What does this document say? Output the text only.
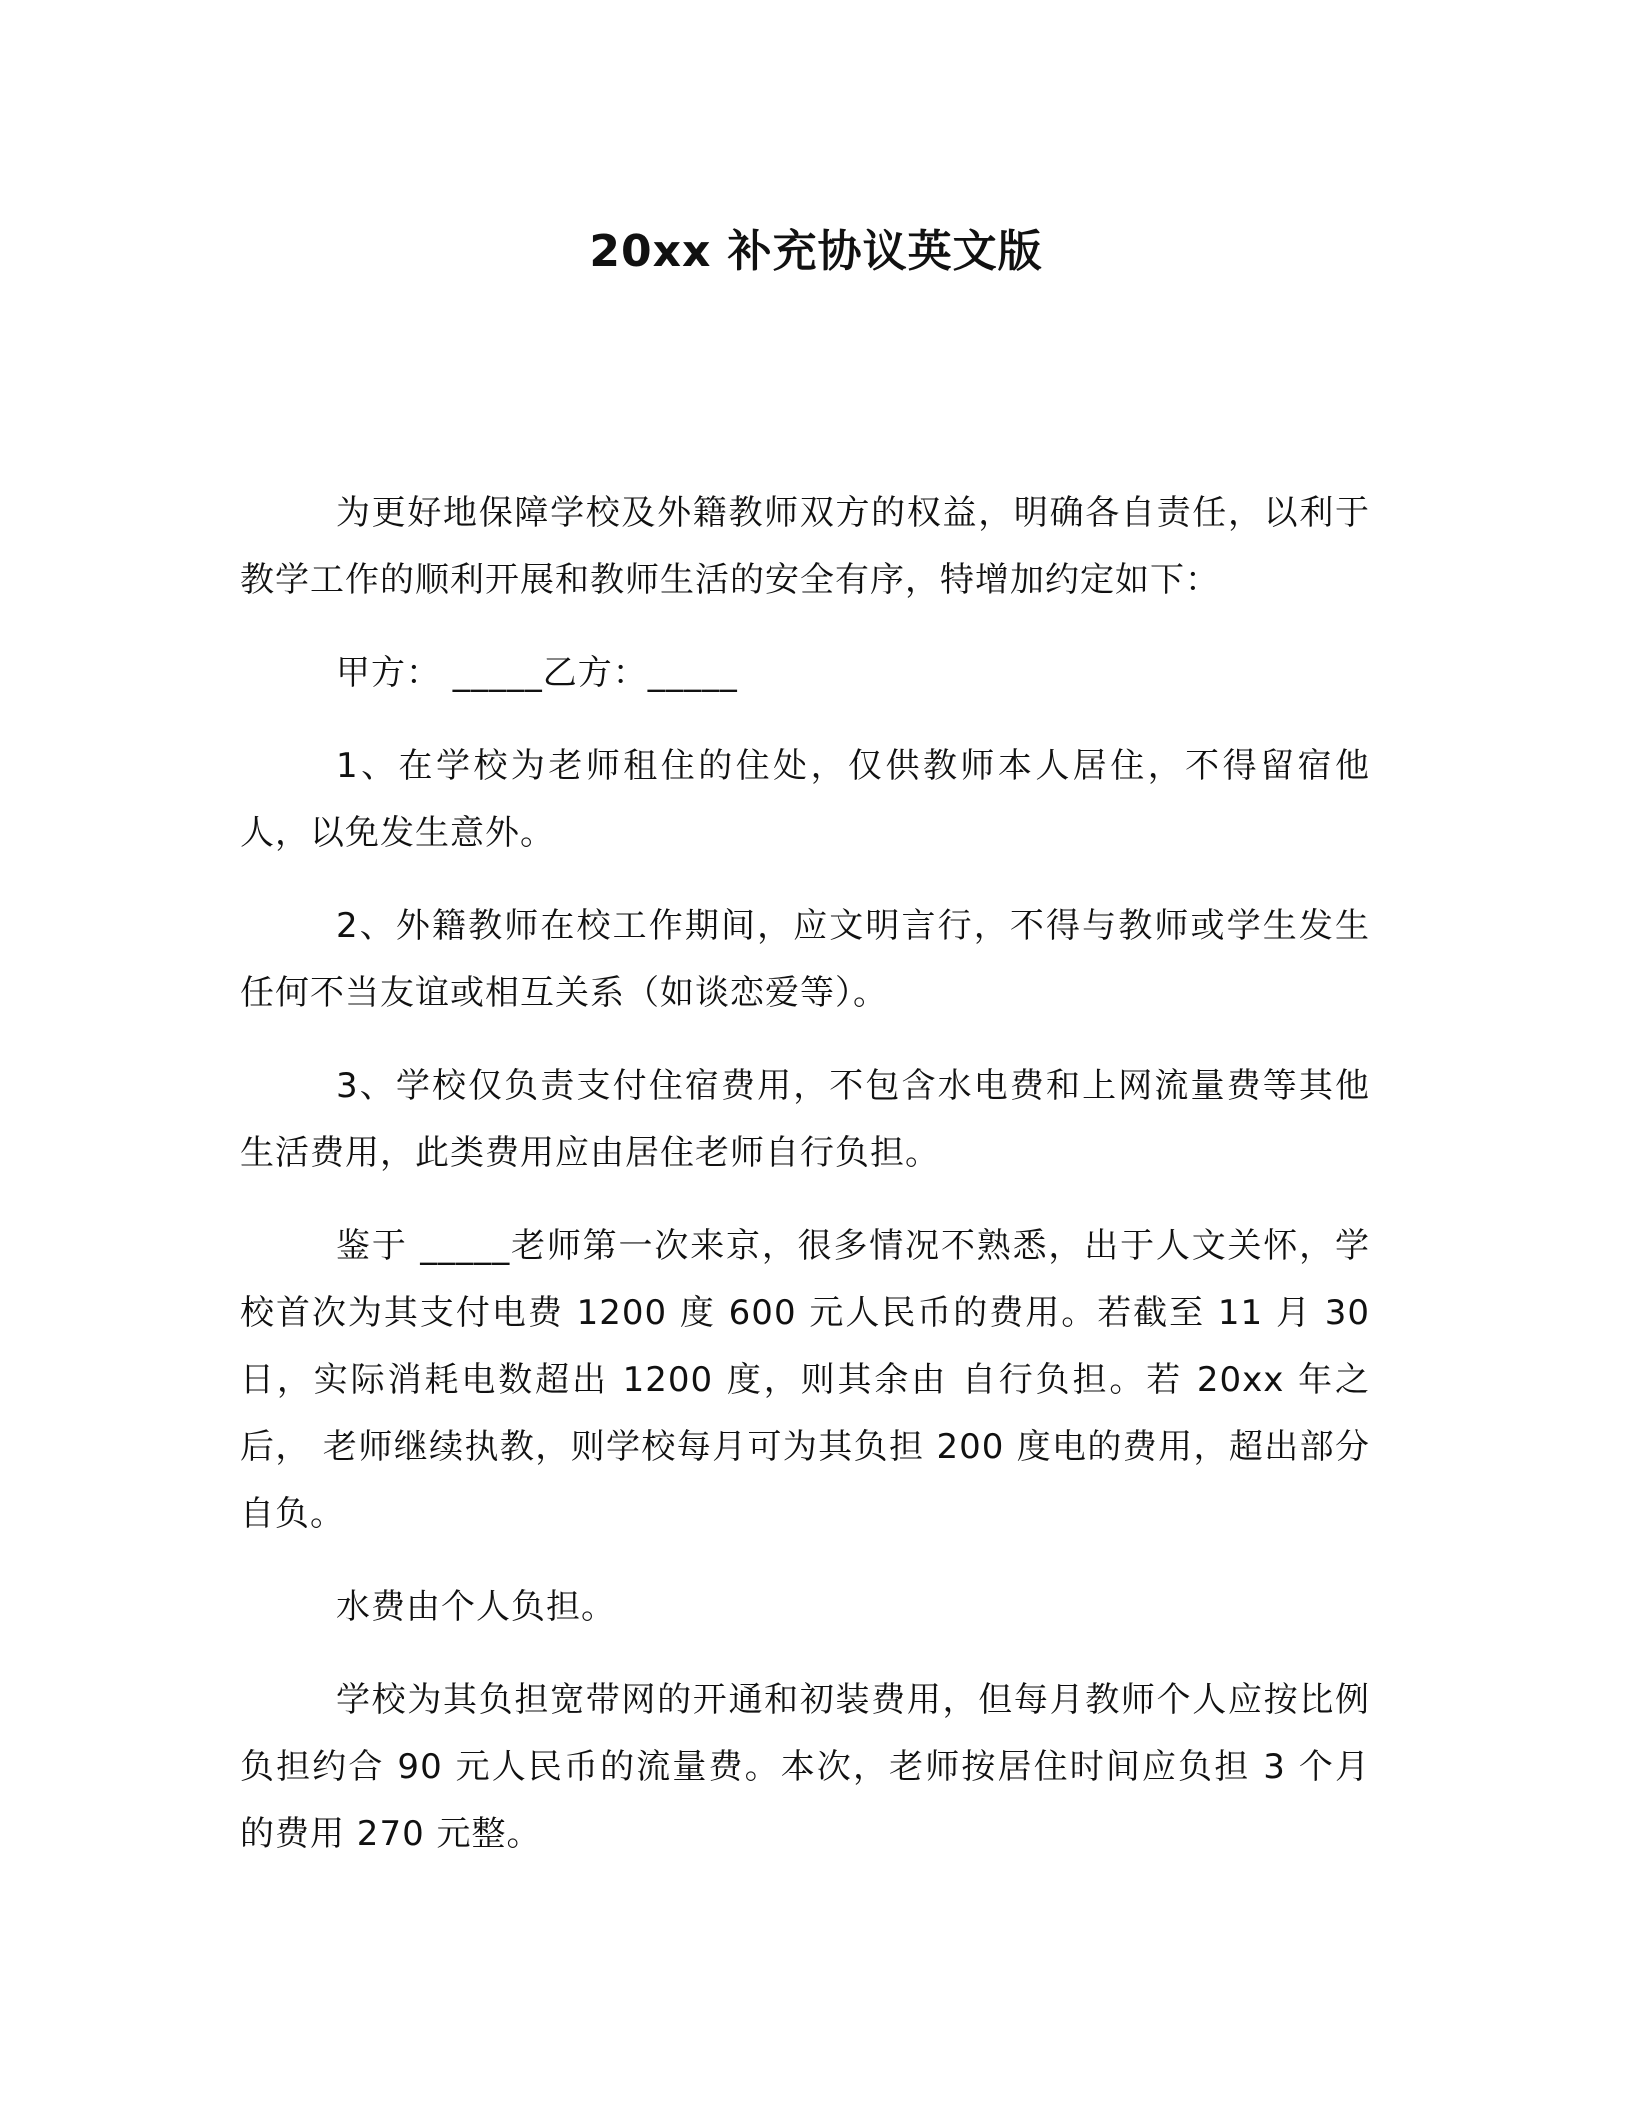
20xx 补充协议英文版

为更好地保障学校及外籍教师双方的权益，明确各自责任，以利于教学工作的顺利开展和教师生活的安全有序，特增加约定如下：

甲方： _____乙方：_____

1、在学校为老师租住的住处，仅供教师本人居住，不得留宿他人，以免发生意外。

2、外籍教师在校工作期间，应文明言行，不得与教师或学生发生任何不当友谊或相互关系（如谈恋爱等）。

3、学校仅负责支付住宿费用，不包含水电费和上网流量费等其他生活费用，此类费用应由居住老师自行负担。

鉴于 _____老师第一次来京，很多情况不熟悉，出于人文关怀，学校首次为其支付电费 1200 度 600 元人民币的费用。若截至 11 月 30 日，实际消耗电数超出 1200 度，则其余由 自行负担。若 20xx 年之后， 老师继续执教，则学校每月可为其负担 200 度电的费用，超出部分自负。

水费由个人负担。

学校为其负担宽带网的开通和初装费用，但每月教师个人应按比例负担约合 90 元人民币的流量费。本次，老师按居住时间应负担 3 个月的费用 270 元整。
